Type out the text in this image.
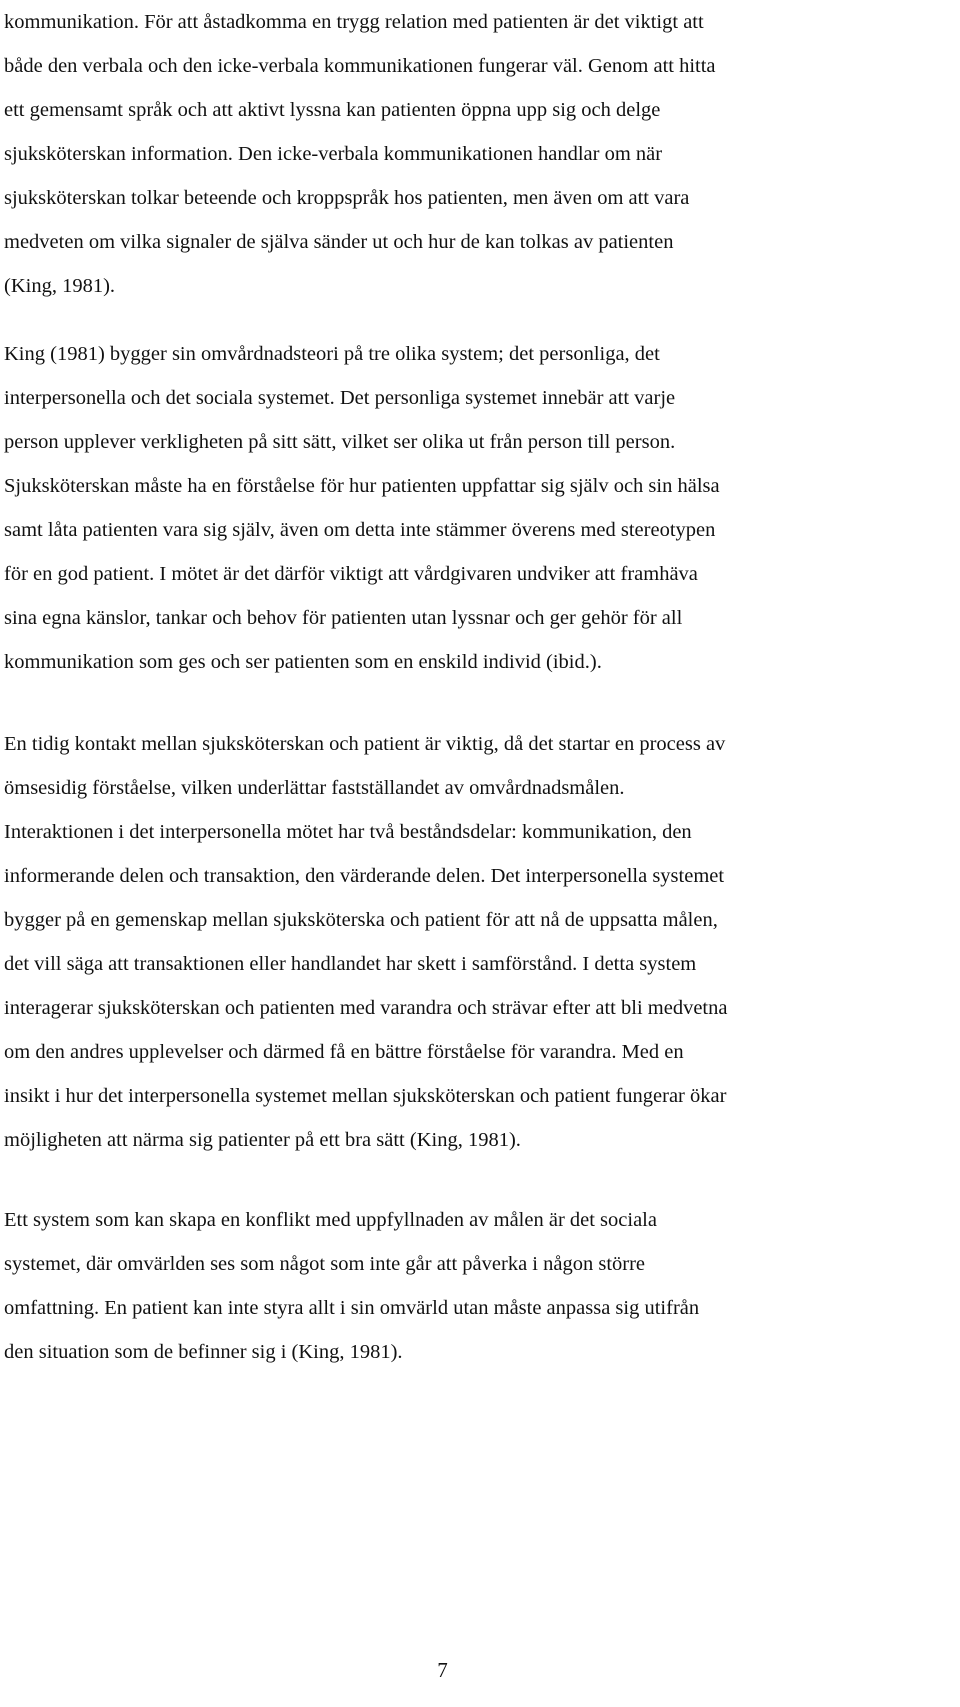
kommunikation. För att åstadkomma en trygg relation med patienten är det viktigt att
både den verbala och den icke-verbala kommunikationen fungerar väl. Genom att hitta
ett gemensamt språk och att aktivt lyssna kan patienten öppna upp sig och delge
sjuksköterskan information. Den icke-verbala kommunikationen handlar om när
sjuksköterskan tolkar beteende och kroppspråk hos patienten, men även om att vara
medveten om vilka signaler de själva sänder ut och hur de kan tolkas av patienten
(King, 1981).
King (1981) bygger sin omvårdnadsteori på tre olika system; det personliga, det
interpersonella och det sociala systemet. Det personliga systemet innebär att varje
person upplever verkligheten på sitt sätt, vilket ser olika ut från person till person.
Sjuksköterskan måste ha en förståelse för hur patienten uppfattar sig själv och sin hälsa
samt låta patienten vara sig själv, även om detta inte stämmer överens med stereotypen
för en god patient. I mötet är det därför viktigt att vårdgivaren undviker att framhäva
sina egna känslor, tankar och behov för patienten utan lyssnar och ger gehör för all
kommunikation som ges och ser patienten som en enskild individ (ibid.).
En tidig kontakt mellan sjuksköterskan och patient är viktig, då det startar en process av
ömsesidig förståelse, vilken underlättar fastställandet av omvårdnadsmålen.
Interaktionen i det interpersonella mötet har två beståndsdelar: kommunikation, den
informerande delen och transaktion, den värderande delen. Det interpersonella systemet
bygger på en gemenskap mellan sjuksköterska och patient för att nå de uppsatta målen,
det vill säga att transaktionen eller handlandet har skett i samförstånd. I detta system
interagerar sjuksköterskan och patienten med varandra och strävar efter att bli medvetna
om den andres upplevelser och därmed få en bättre förståelse för varandra. Med en
insikt i hur det interpersonella systemet mellan sjuksköterskan och patient fungerar ökar
möjligheten att närma sig patienter på ett bra sätt (King, 1981).
Ett system som kan skapa en konflikt med uppfyllnaden av målen är det sociala
systemet, där omvärlden ses som något som inte går att påverka i någon större
omfattning. En patient kan inte styra allt i sin omvärld utan måste anpassa sig utifrån
den situation som de befinner sig i (King, 1981).
7
